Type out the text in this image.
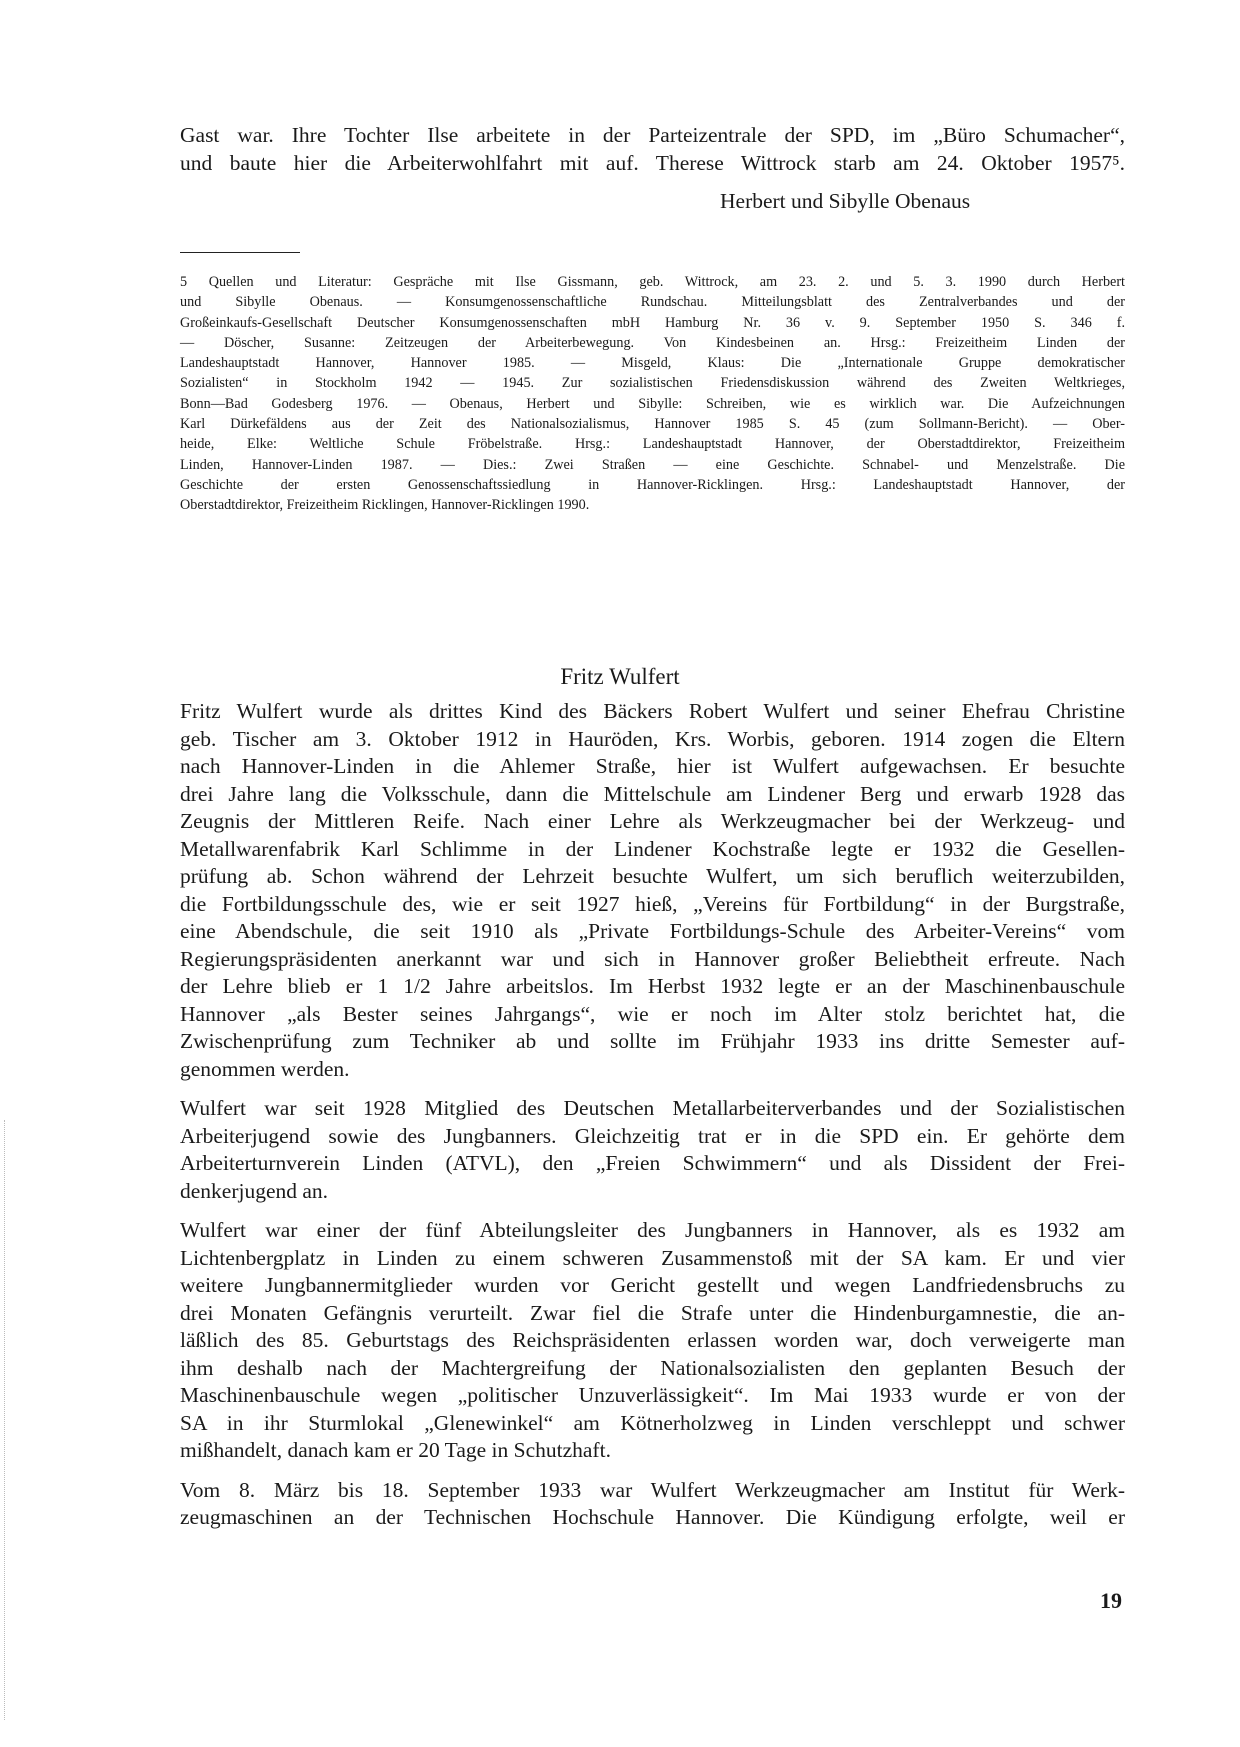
Gast war. Ihre Tochter Ilse arbeitete in der Parteizentrale der SPD, im „Büro Schumacher“,
und baute hier die Arbeiterwohlfahrt mit auf. Therese Wittrock starb am 24. Oktober 1957⁵.

Herbert und Sibylle Obenaus

5 Quellen und Literatur: Gespräche mit Ilse Gissmann, geb. Wittrock, am 23. 2. und 5. 3. 1990 durch Herbert
und Sibylle Obenaus. — Konsumgenossenschaftliche Rundschau. Mitteilungsblatt des Zentralverbandes und der
Großeinkaufs-Gesellschaft Deutscher Konsumgenossenschaften mbH Hamburg Nr. 36 v. 9. September 1950 S. 346 f.
— Döscher, Susanne: Zeitzeugen der Arbeiterbewegung. Von Kindesbeinen an. Hrsg.: Freizeitheim Linden der
Landeshauptstadt Hannover, Hannover 1985. — Misgeld, Klaus: Die „Internationale Gruppe demokratischer
Sozialisten“ in Stockholm 1942 — 1945. Zur sozialistischen Friedensdiskussion während des Zweiten Weltkrieges,
Bonn—Bad Godesberg 1976. — Obenaus, Herbert und Sibylle: Schreiben, wie es wirklich war. Die Aufzeichnungen
Karl Dürkefäldens aus der Zeit des Nationalsozialismus, Hannover 1985 S. 45 (zum Sollmann-Bericht). — Ober-
heide, Elke: Weltliche Schule Fröbelstraße. Hrsg.: Landeshauptstadt Hannover, der Oberstadtdirektor, Freizeitheim
Linden, Hannover-Linden 1987. — Dies.: Zwei Straßen — eine Geschichte. Schnabel- und Menzelstraße. Die
Geschichte der ersten Genossenschaftssiedlung in Hannover-Ricklingen. Hrsg.: Landeshauptstadt Hannover, der
Oberstadtdirektor, Freizeitheim Ricklingen, Hannover-Ricklingen 1990.
Fritz Wulfert

Fritz Wulfert wurde als drittes Kind des Bäckers Robert Wulfert und seiner Ehefrau Christine
geb. Tischer am 3. Oktober 1912 in Hauröden, Krs. Worbis, geboren. 1914 zogen die Eltern
nach Hannover-Linden in die Ahlemer Straße, hier ist Wulfert aufgewachsen. Er besuchte
drei Jahre lang die Volksschule, dann die Mittelschule am Lindener Berg und erwarb 1928 das
Zeugnis der Mittleren Reife. Nach einer Lehre als Werkzeugmacher bei der Werkzeug- und
Metallwarenfabrik Karl Schlimme in der Lindener Kochstraße legte er 1932 die Gesellen-
prüfung ab. Schon während der Lehrzeit besuchte Wulfert, um sich beruflich weiterzubilden,
die Fortbildungsschule des, wie er seit 1927 hieß, „Vereins für Fortbildung“ in der Burgstraße,
eine Abendschule, die seit 1910 als „Private Fortbildungs-Schule des Arbeiter-Vereins“ vom
Regierungspräsidenten anerkannt war und sich in Hannover großer Beliebtheit erfreute. Nach
der Lehre blieb er 1 1/2 Jahre arbeitslos. Im Herbst 1932 legte er an der Maschinenbauschule
Hannover „als Bester seines Jahrgangs“, wie er noch im Alter stolz berichtet hat, die
Zwischenprüfung zum Techniker ab und sollte im Frühjahr 1933 ins dritte Semester auf-
genommen werden.

Wulfert war seit 1928 Mitglied des Deutschen Metallarbeiterverbandes und der Sozialistischen
Arbeiterjugend sowie des Jungbanners. Gleichzeitig trat er in die SPD ein. Er gehörte dem
Arbeiterturnverein Linden (ATVL), den „Freien Schwimmern“ und als Dissident der Frei-
denkerjugend an.

Wulfert war einer der fünf Abteilungsleiter des Jungbanners in Hannover, als es 1932 am
Lichtenbergplatz in Linden zu einem schweren Zusammenstoß mit der SA kam. Er und vier
weitere Jungbannermitglieder wurden vor Gericht gestellt und wegen Landfriedensbruchs zu
drei Monaten Gefängnis verurteilt. Zwar fiel die Strafe unter die Hindenburgamnestie, die an-
läßlich des 85. Geburtstags des Reichspräsidenten erlassen worden war, doch verweigerte man
ihm deshalb nach der Machtergreifung der Nationalsozialisten den geplanten Besuch der
Maschinenbauschule wegen „politischer Unzuverlässigkeit“. Im Mai 1933 wurde er von der
SA in ihr Sturmlokal „Glenewinkel“ am Kötnerholzweg in Linden verschleppt und schwer
mißhandelt, danach kam er 20 Tage in Schutzhaft.

Vom 8. März bis 18. September 1933 war Wulfert Werkzeugmacher am Institut für Werk-
zeugmaschinen an der Technischen Hochschule Hannover. Die Kündigung erfolgte, weil er

19
